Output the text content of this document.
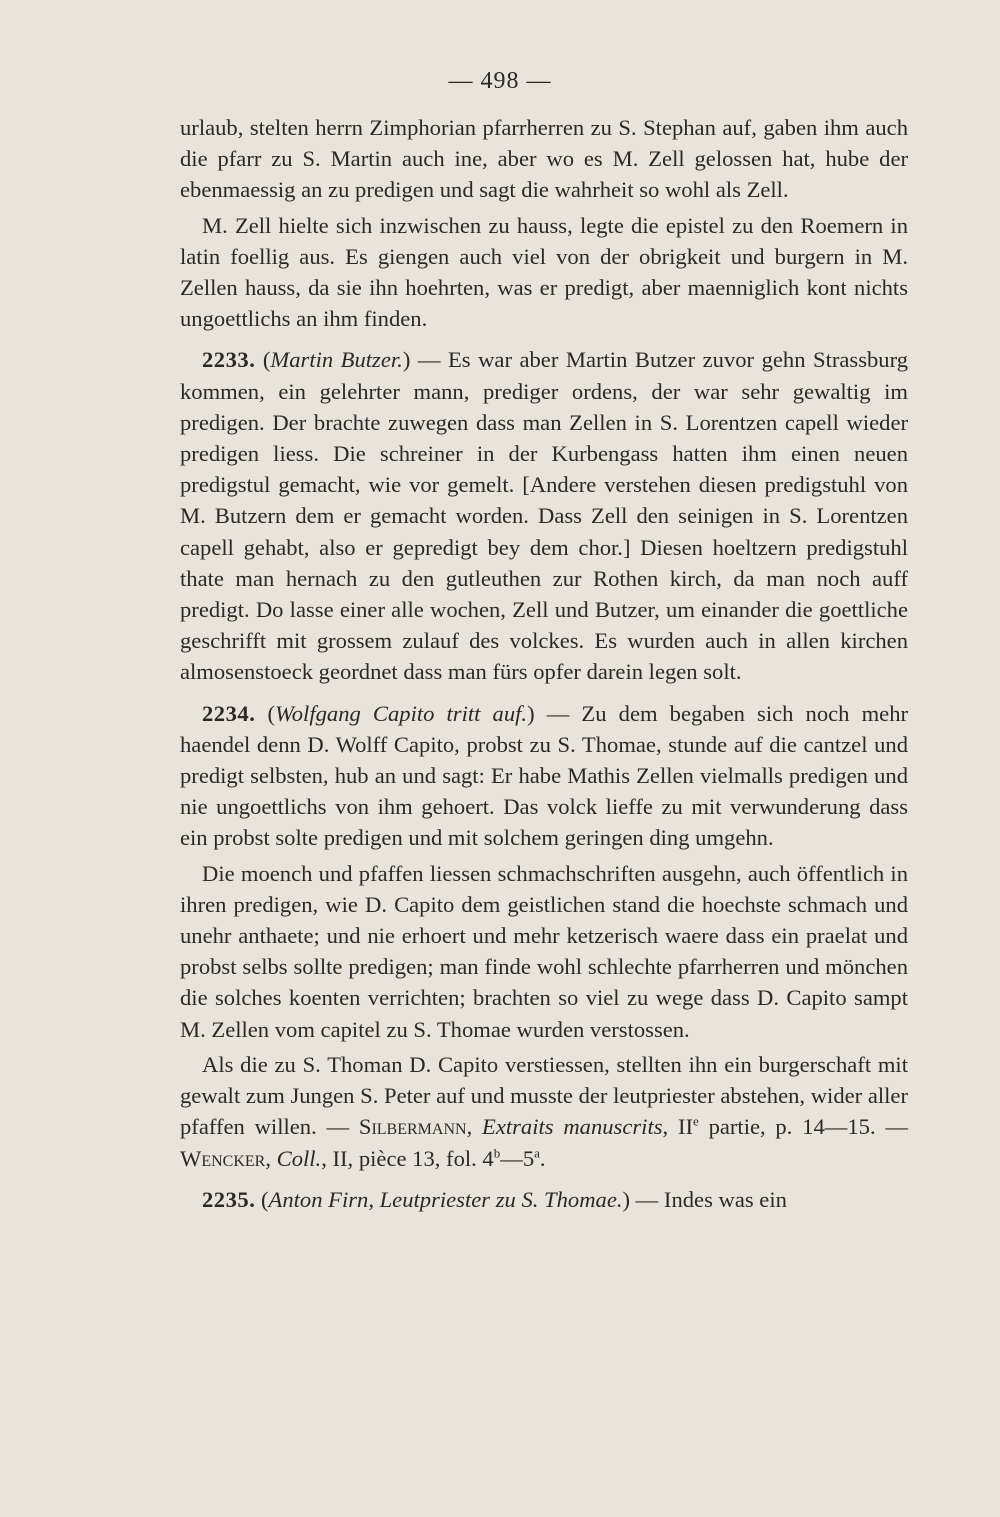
— 498 —

urlaub, stelten herrn Zimphorian pfarrherren zu S. Stephan auf, gaben ihm auch die pfarr zu S. Martin auch ine, aber wo es M. Zell gelossen hat, hube der ebenmaessig an zu predigen und sagt die wahrheit so wohl als Zell.

M. Zell hielte sich inzwischen zu hauss, legte die epistel zu den Roemern in latin foellig aus. Es giengen auch viel von der obrigkeit und burgern in M. Zellen hauss, da sie ihn hoehrten, was er predigt, aber maenniglich kont nichts ungoettlichs an ihm finden.

2233. (Martin Butzer.) — Es war aber Martin Butzer zuvor gehn Strassburg kommen, ein gelehrter mann, prediger ordens, der war sehr gewaltig im predigen. Der brachte zuwegen dass man Zellen in S. Lorentzen capell wieder predigen liess. Die schreiner in der Kurbengass hatten ihm einen neuen predigstul gemacht, wie vor gemelt. [Andere verstehen diesen predigstuhl von M. Butzern dem er gemacht worden. Dass Zell den seinigen in S. Lorentzen capell gehabt, also er gepredigt bey dem chor.] Diesen hoeltzern predigstuhl thate man hernach zu den gutleuthen zur Rothen kirch, da man noch auff predigt. Do lasse einer alle wochen, Zell und Butzer, um einander die goettliche geschrifft mit grossem zulauf des volckes. Es wurden auch in allen kirchen almosenstoeck geordnet dass man fürs opfer darein legen solt.

2234. (Wolfgang Capito tritt auf.) — Zu dem begaben sich noch mehr haendel denn D. Wolff Capito, probst zu S. Thomae, stunde auf die cantzel und predigt selbsten, hub an und sagt: Er habe Mathis Zellen vielmalls predigen und nie ungoettlichs von ihm gehoert. Das volck lieffe zu mit verwunderung dass ein probst solte predigen und mit solchem geringen ding umgehn.

Die moench und pfaffen liessen schmachschriften ausgehn, auch öffentlich in ihren predigen, wie D. Capito dem geistlichen stand die hoechste schmach und unehr anthaete; und nie erhoert und mehr ketzerisch waere dass ein praelat und probst selbs sollte predigen; man finde wohl schlechte pfarrherren und mönchen die solches koenten verrichten; brachten so viel zu wege dass D. Capito sampt M. Zellen vom capitel zu S. Thomae wurden verstossen.

Als die zu S. Thoman D. Capito verstiessen, stellten ihn ein burgerschaft mit gewalt zum Jungen S. Peter auf und musste der leutpriester abstehen, wider aller pfaffen willen. — Silbermann, Extraits manuscrits, IIe partie, p. 14—15. — Wencker, Coll., II, pièce 13, fol. 4$^b$—5$^a$.

2235. (Anton Firn, Leutpriester zu S. Thomae.) — Indes was ein
